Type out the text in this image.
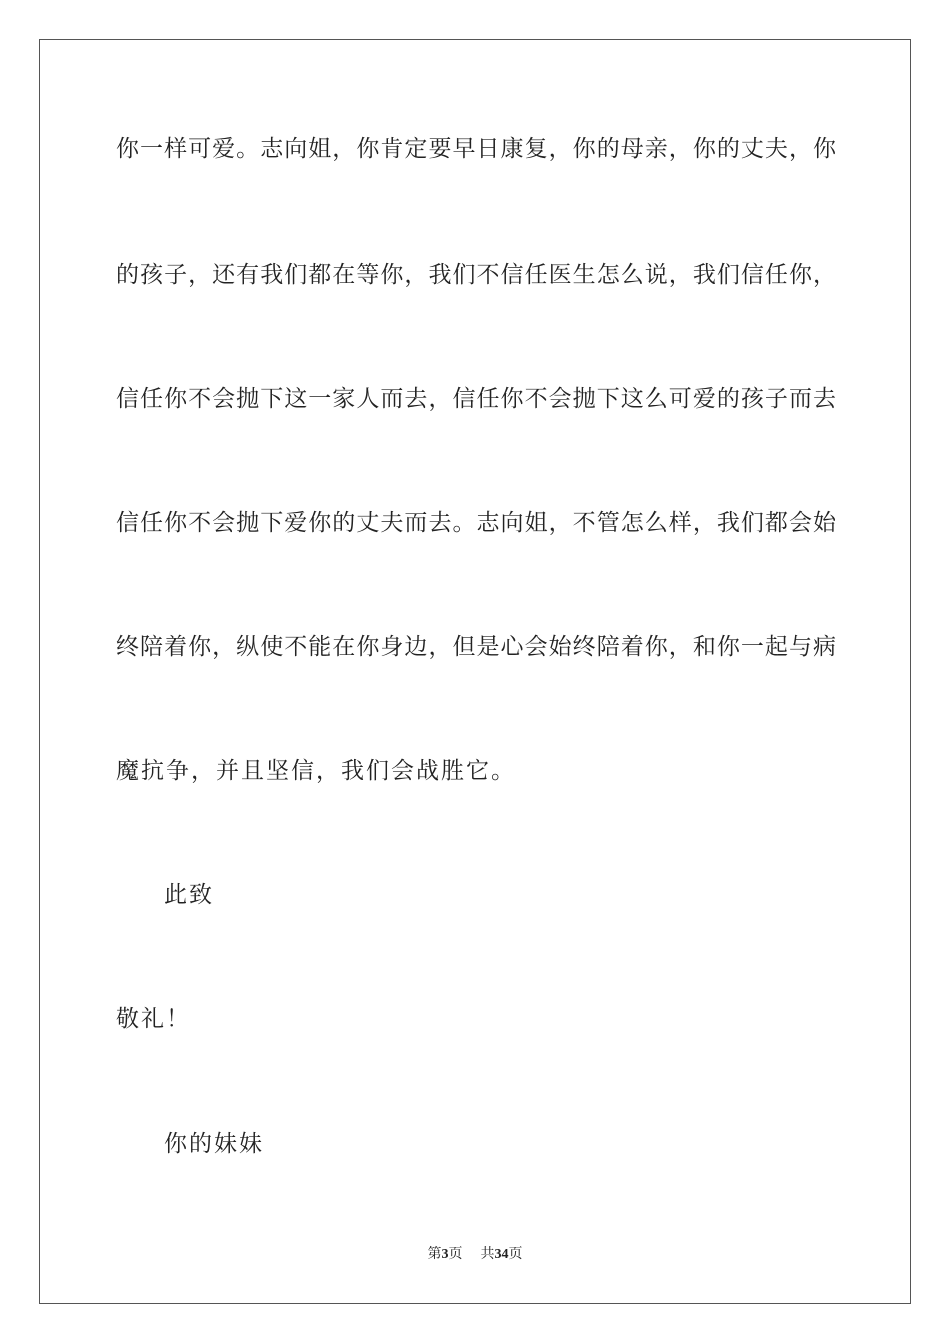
你一样可爱。志向姐，你肯定要早日康复，你的母亲，你的丈夫，你
的孩子，还有我们都在等你，我们不信任医生怎么说，我们信任你，
信任你不会抛下这一家人而去，信任你不会抛下这么可爱的孩子而去
信任你不会抛下爱你的丈夫而去。志向姐，不管怎么样，我们都会始
终陪着你，纵使不能在你身边，但是心会始终陪着你，和你一起与病
魔抗争，并且坚信，我们会战胜它。
此致
敬礼！
你的妹妹
第3页 共34页
